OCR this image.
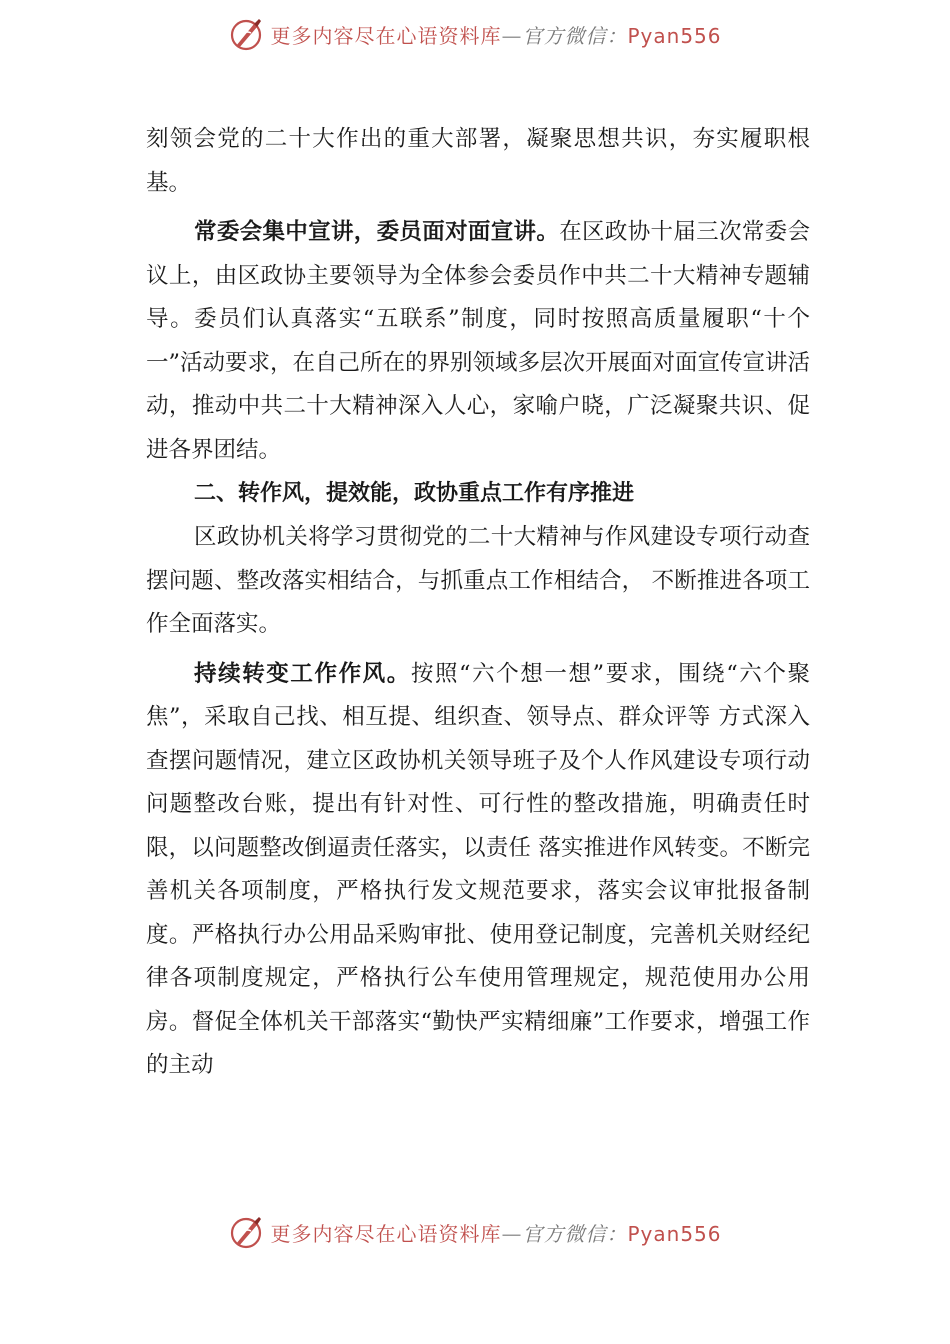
更多内容尽在心语资料库—官方微信：Pyan556

刻领会党的二十大作出的重大部署，凝聚思想共识，夯实履职根基。

常委会集中宣讲，委员面对面宣讲。在区政协十届三次常委会议上，由区政协主要领导为全体参会委员作中共二十大精神专题辅导。委员们认真落实“五联系”制度，同时按照高质量履职“十个一”活动要求，在自己所在的界别领域多层次开展面对面宣传宣讲活动，推动中共二十大精神深入人心，家喻户晓，广泛凝聚共识、促进各界团结。

二、转作风，提效能，政协重点工作有序推进

区政协机关将学习贯彻党的二十大精神与作风建设专项行动查摆问题、整改落实相结合，与抓重点工作相结合， 不断推进各项工作全面落实。

持续转变工作作风。按照“六个想一想”要求，围绕“六个聚焦”，采取自己找、相互提、组织查、领导点、群众评等 方式深入查摆问题情况，建立区政协机关领导班子及个人作风建设专项行动问题整改台账，提出有针对性、可行性的整改措施，明确责任时限，以问题整改倒逼责任落实，以责任 落实推进作风转变。不断完善机关各项制度，严格执行发文规范要求，落实会议审批报备制度。严格执行办公用品采购审批、使用登记制度，完善机关财经纪律各项制度规定，严格执行公车使用管理规定，规范使用办公用房。督促全体机关干部落实“勤快严实精细廉”工作要求，增强工作的主动

更多内容尽在心语资料库—官方微信：Pyan556
